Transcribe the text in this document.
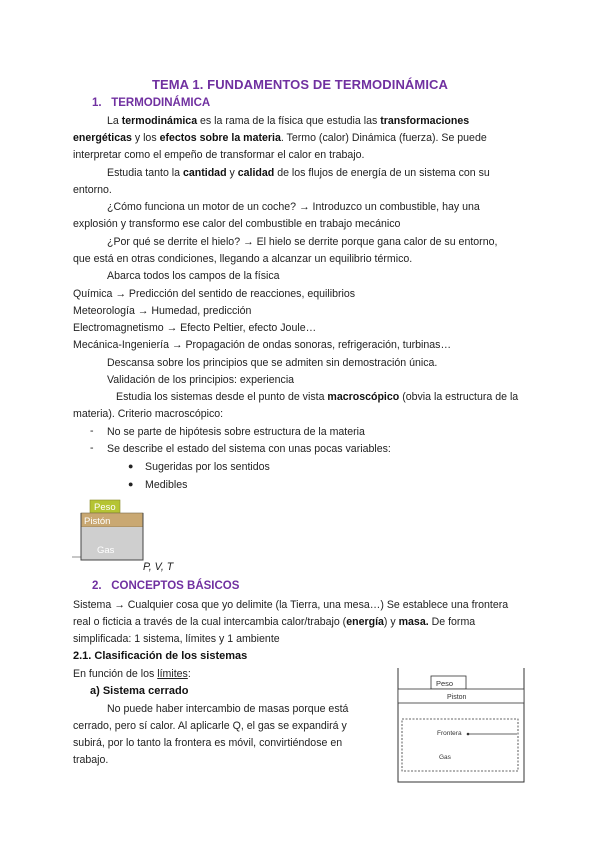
TEMA 1. FUNDAMENTOS DE TERMODINÁMICA
1. TERMODINÁMICA
La termodinámica es la rama de la física que estudia las transformaciones
energéticas y los efectos sobre la materia. Termo (calor) Dinámica (fuerza). Se puede
interpretar como el empeño de transformar el calor en trabajo.
Estudia tanto la cantidad y calidad de los flujos de energía de un sistema con su
entorno.
¿Cómo funciona un motor de un coche? → Introduzco un combustible, hay una
explosión y transformo ese calor del combustible en trabajo mecánico
¿Por qué se derrite el hielo? → El hielo se derrite porque gana calor de su entorno,
que está en otras condiciones, llegando a alcanzar un equilibrio térmico.
Abarca todos los campos de la física
Química → Predicción del sentido de reacciones, equilibrios
Meteorología → Humedad, predicción
Electromagnetismo → Efecto Peltier, efecto Joule…
Mecánica-Ingeniería → Propagación de ondas sonoras, refrigeración, turbinas…
Descansa sobre los principios que se admiten sin demostración única.
Validación de los principios: experiencia
Estudia los sistemas desde el punto de vista macroscópico (obvia la estructura de la
materia). Criterio macroscópico:
- No se parte de hipótesis sobre estructura de la materia
- Se describe el estado del sistema con unas pocas variables:
● Sugeridas por los sentidos
● Medibles
Peso
Pistón
Gas
P, V, T
2. CONCEPTOS BÁSICOS
Sistema → Cualquier cosa que yo delimite (la Tierra, una mesa…) Se establece una frontera
real o ficticia a través de la cual intercambia calor/trabajo (energía) y masa. De forma
simplificada: 1 sistema, límites y 1 ambiente
2.1. Clasificación de los sistemas
En función de los límites:
a) Sistema cerrado
No puede haber intercambio de masas porque está
cerrado, pero sí calor. Al aplicarle Q, el gas se expandirá y
subirá, por lo tanto la frontera es móvil, convirtiéndose en
trabajo.
Peso
Piston
Frontera
Gas
